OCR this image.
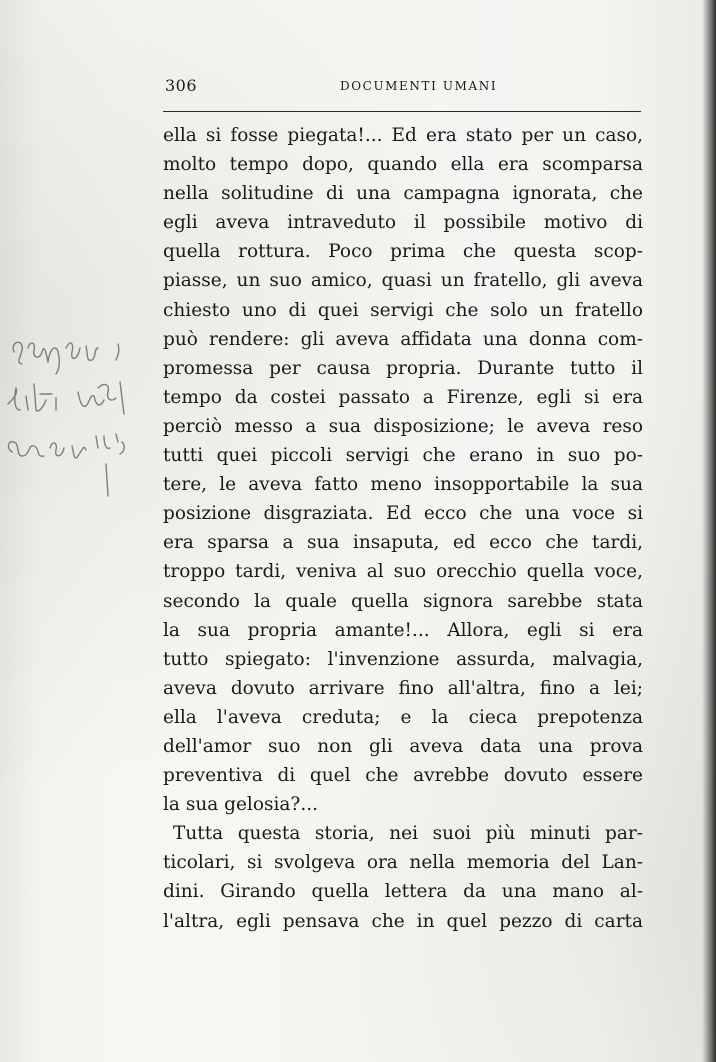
306	DOCUMENTI UMANI
ella si fosse piegata!... Ed era stato per un caso,
molto tempo dopo, quando ella era scomparsa
nella solitudine di una campagna ignorata, che
egli aveva intraveduto il possibile motivo di
quella rottura. Poco prima che questa scop-
piasse, un suo amico, quasi un fratello, gli aveva
chiesto uno di quei servigi che solo un fratello
può rendere: gli aveva affidata una donna com-
promessa per causa propria. Durante tutto il
tempo da costei passato a Firenze, egli si era
perciò messo a sua disposizione; le aveva reso
tutti quei piccoli servigi che erano in suo po-
tere, le aveva fatto meno insopportabile la sua
posizione disgraziata. Ed ecco che una voce si
era sparsa a sua insaputa, ed ecco che tardi,
troppo tardi, veniva al suo orecchio quella voce,
secondo la quale quella signora sarebbe stata
la sua propria amante!... Allora, egli si era
tutto spiegato: l'invenzione assurda, malvagia,
aveva dovuto arrivare fino all'altra, fino a lei;
ella l'aveva creduta; e la cieca prepotenza
dell'amor suo non gli aveva data una prova
preventiva di quel che avrebbe dovuto essere
la sua gelosia?...
Tutta questa storia, nei suoi più minuti par-
ticolari, si svolgeva ora nella memoria del Lan-
dini. Girando quella lettera da una mano al-
l'altra, egli pensava che in quel pezzo di carta
